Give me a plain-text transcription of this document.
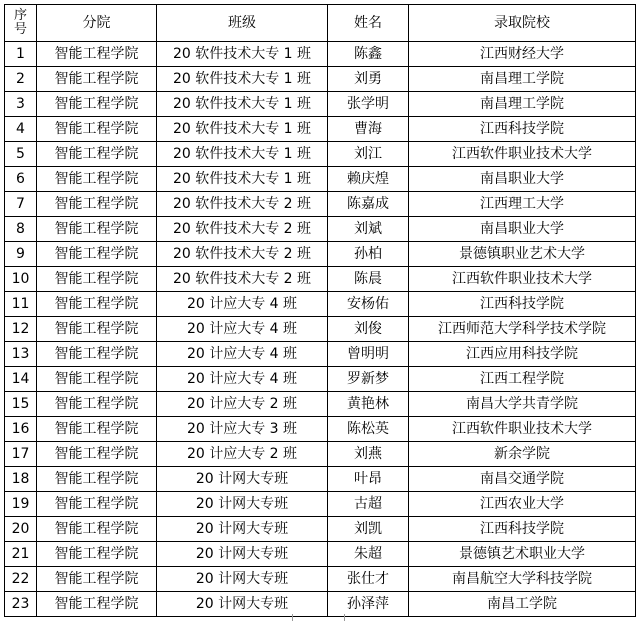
序
号	分院	班级	姓名	录取院校
1	智能工程学院	20 软件技术大专 1 班	陈鑫	江西财经大学
2	智能工程学院	20 软件技术大专 1 班	刘勇	南昌理工学院
3	智能工程学院	20 软件技术大专 1 班	张学明	南昌理工学院
4	智能工程学院	20 软件技术大专 1 班	曹海	江西科技学院
5	智能工程学院	20 软件技术大专 1 班	刘江	江西软件职业技术大学
6	智能工程学院	20 软件技术大专 1 班	赖庆煌	南昌职业大学
7	智能工程学院	20 软件技术大专 2 班	陈嘉成	江西理工大学
8	智能工程学院	20 软件技术大专 2 班	刘斌	南昌职业大学
9	智能工程学院	20 软件技术大专 2 班	孙柏	景德镇职业艺术大学
10	智能工程学院	20 软件技术大专 2 班	陈晨	江西软件职业技术大学
11	智能工程学院	20 计应大专 4 班	安杨佑	江西科技学院
12	智能工程学院	20 计应大专 4 班	刘俊	江西师范大学科学技术学院
13	智能工程学院	20 计应大专 4 班	曾明明	江西应用科技学院
14	智能工程学院	20 计应大专 4 班	罗新梦	江西工程学院
15	智能工程学院	20 计应大专 2 班	黄艳林	南昌大学共青学院
16	智能工程学院	20 计应大专 3 班	陈松英	江西软件职业技术大学
17	智能工程学院	20 计应大专 2 班	刘燕	新余学院
18	智能工程学院	20 计网大专班	叶昂	南昌交通学院
19	智能工程学院	20 计网大专班	古超	江西农业大学
20	智能工程学院	20 计网大专班	刘凯	江西科技学院
21	智能工程学院	20 计网大专班	朱超	景德镇艺术职业大学
22	智能工程学院	20 计网大专班	张仕才	南昌航空大学科技学院
23	智能工程学院	20 计网大专班	孙泽萍	南昌工学院
